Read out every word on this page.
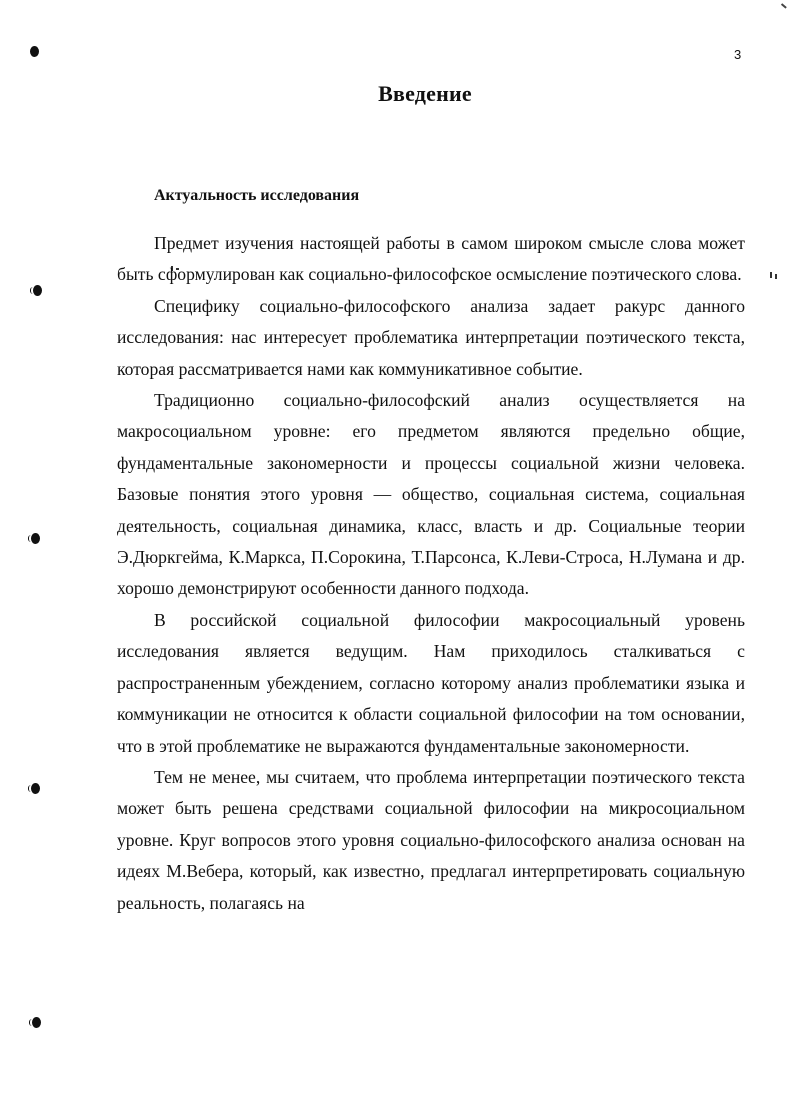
3
Введение
Актуальность исследования

Предмет изучения настоящей работы в самом широком смысле слова может быть сформулирован как социально-философское осмысление поэтического слова.

Специфику социально-философского анализа задает ракурс данного исследования: нас интересует проблематика интерпретации поэтического текста, которая рассматривается нами как коммуникативное событие.

Традиционно социально-философский анализ осуществляется на макросоциальном уровне: его предметом являются предельно общие, фундаментальные закономерности и процессы социальной жизни человека. Базовые понятия этого уровня — общество, социальная система, социальная деятельность, социальная динамика, класс, власть и др. Социальные теории Э.Дюркгейма, К.Маркса, П.Сорокина, Т.Парсонса, К.Леви-Строса, Н.Лумана и др. хорошо демонстрируют особенности данного подхода.

В российской социальной философии макросоциальный уровень исследования является ведущим. Нам приходилось сталкиваться с распространенным убеждением, согласно которому анализ проблематики языка и коммуникации не относится к области социальной философии на том основании, что в этой проблематике не выражаются фундаментальные закономерности.

Тем не менее, мы считаем, что проблема интерпретации поэтического текста может быть решена средствами социальной философии на микросоциальном уровне. Круг вопросов этого уровня социально-философского анализа основан на идеях М.Вебера, который, как известно, предлагал интерпретировать социальную реальность, полагаясь на
